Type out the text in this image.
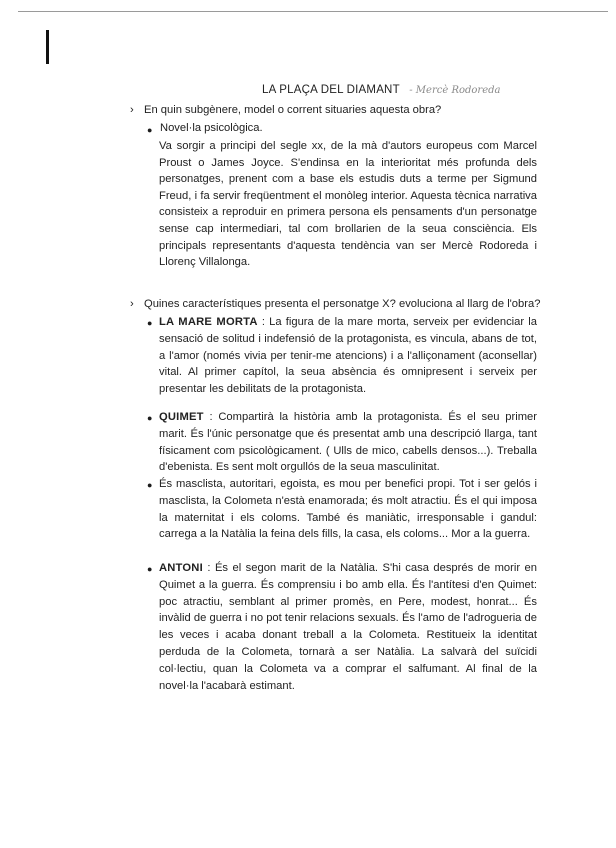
LA PLAÇA DEL DIAMANT - Mercè Rodoreda
› En quin subgènere, model o corrent situaries aquesta obra?
● Novel·la psicològica.
Va sorgir a principi del segle xx, de la mà d'autors europeus com Marcel Proust o James Joyce. S'endinsa en la interioritat més profunda dels personatges, prenent com a base els estudis duts a terme per Sigmund Freud, i fa servir freqüentment el monòleg interior. Aquesta tècnica narrativa consisteix a reproduir en primera persona els pensaments d'un personatge sense cap intermediari, tal com brollarien de la seua consciència. Els principals representants d'aquesta tendència van ser Mercè Rodoreda i Llorenç Villalonga.
› Quines característiques presenta el personatge X? evoluciona al llarg de l'obra?
● LA MARE MORTA : La figura de la mare morta, serveix per evidenciar la sensació de solitud i indefensió de la protagonista, es vincula, abans de tot, a l'amor (només vivia per tenir-me atencions) i a l'alliçonament (aconsellar) vital. Al primer capítol, la seua absència és omnipresent i serveix per presentar les debilitats de la protagonista.
● QUIMET : Compartirà la història amb la protagonista. És el seu primer marit. És l'únic personatge que és presentat amb una descripció llarga, tant físicament com psicològicament. ( Ulls de mico, cabells densos...). Treballa d'ebenista. Es sent molt orgullós de la seua masculinitat.
● És masclista, autoritari, egoista, es mou per benefici propi. Tot i ser gelós i masclista, la Colometa n'està enamorada; és molt atractiu. És el qui imposa la maternitat i els coloms. També és maniàtic, irresponsable i gandul: carrega a la Natàlia la feina dels fills, la casa, els coloms... Mor a la guerra.
● ANTONI : És el segon marit de la Natàlia. S'hi casa després de morir en Quimet a la guerra. És comprensiu i bo amb ella. És l'antítesi d'en Quimet: poc atractiu, semblant al primer promès, en Pere, modest, honrat... És invàlid de guerra i no pot tenir relacions sexuals. És l'amo de l'adrogueria de les veces i acaba donant treball a la Colometa. Restitueix la identitat perduda de la Colometa, tornarà a ser Natàlia. La salvarà del suïcidi col·lectiu, quan la Colometa va a comprar el salfumant. Al final de la novel·la l'acabarà estimant.
